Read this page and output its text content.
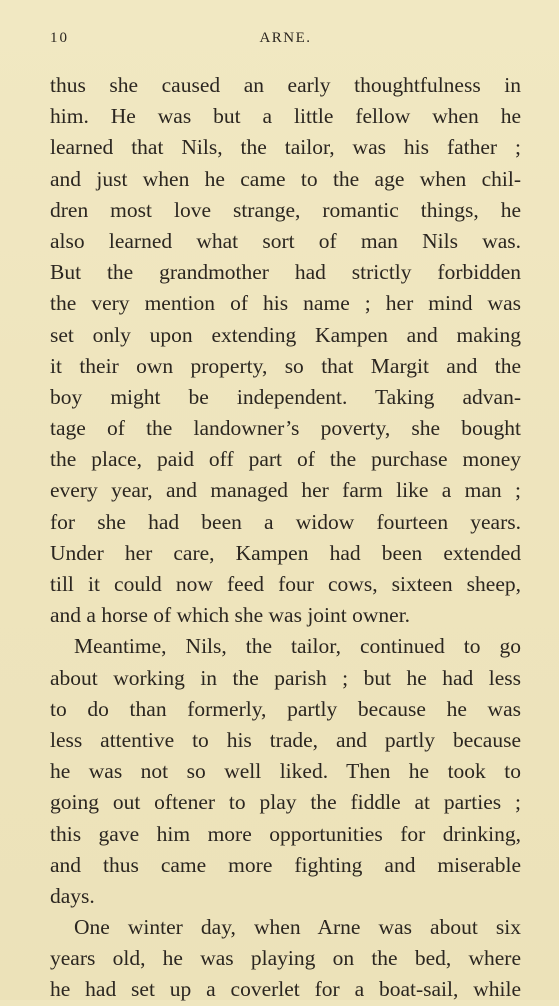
10	ARNE.
thus she caused an early thoughtfulness in
him. He was but a little fellow when he
learned that Nils, the tailor, was his father ;
and just when he came to the age when chil-
dren most love strange, romantic things, he
also learned what sort of man Nils was.
But the grandmother had strictly forbidden
the very mention of his name ; her mind was
set only upon extending Kampen and making
it their own property, so that Margit and the
boy might be independent. Taking advan-
tage of the landowner’s poverty, she bought
the place, paid off part of the purchase money
every year, and managed her farm like a man ;
for she had been a widow fourteen years.
Under her care, Kampen had been extended
till it could now feed four cows, sixteen sheep,
and a horse of which she was joint owner.
Meantime, Nils, the tailor, continued to go
about working in the parish ; but he had less
to do than formerly, partly because he was
less attentive to his trade, and partly because
he was not so well liked. Then he took to
going out oftener to play the fiddle at parties ;
this gave him more opportunities for drinking,
and thus came more fighting and miserable
days.
One winter day, when Arne was about six
years old, he was playing on the bed, where
he had set up a coverlet for a boat-sail, while
